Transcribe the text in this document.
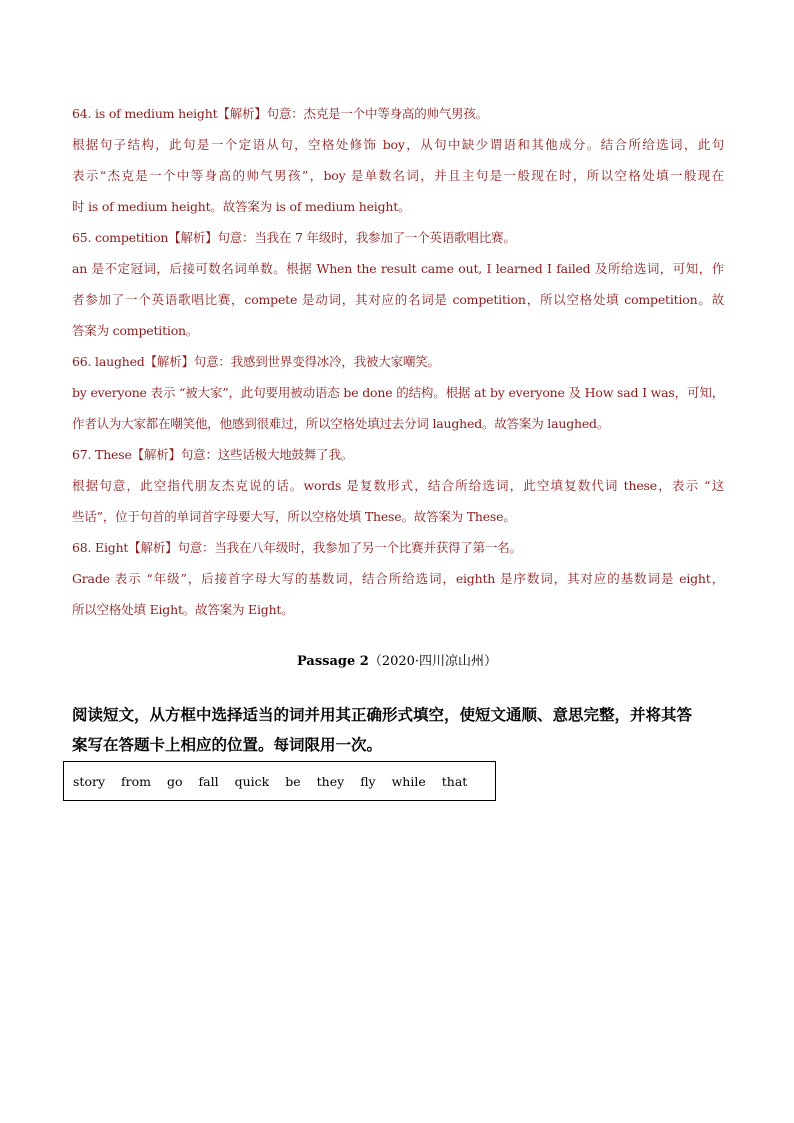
64. is of medium height【解析】句意：杰克是一个中等身高的帅气男孩。
根据句子结构，此句是一个定语从句，空格处修饰 boy，从句中缺少谓语和其他成分。结合所给选词，此句
表示“杰克是一个中等身高的帅气男孩”，boy 是单数名词，并且主句是一般现在时，所以空格处填一般现在
时 is of medium height。故答案为 is of medium height。
65. competition【解析】句意：当我在 7 年级时，我参加了一个英语歌唱比赛。
an 是不定冠词，后接可数名词单数。根据 When the result came out, I learned I failed 及所给选词，可知，作
者参加了一个英语歌唱比赛，compete 是动词，其对应的名词是 competition，所以空格处填 competition。故
答案为 competition。
66. laughed【解析】句意：我感到世界变得冰冷，我被大家嘲笑。
by everyone 表示 “被大家”，此句要用被动语态 be done 的结构。根据 at by everyone 及 How sad I was，可知，
作者认为大家都在嘲笑他，他感到很难过，所以空格处填过去分词 laughed。故答案为 laughed。
67. These【解析】句意：这些话极大地鼓舞了我。
根据句意，此空指代朋友杰克说的话。words 是复数形式，结合所给选词，此空填复数代词 these，表示 “这
些话”，位于句首的单词首字母要大写，所以空格处填 These。故答案为 These。
68. Eight【解析】句意：当我在八年级时，我参加了另一个比赛并获得了第一名。
Grade 表示 “年级”，后接首字母大写的基数词，结合所给选词，eighth 是序数词，其对应的基数词是 eight，
所以空格处填 Eight。故答案为 Eight。
Passage 2（2020·四川凉山州）
阅读短文，从方框中选择适当的词并用其正确形式填空，使短文通顺、意思完整，并将其答
案写在答题卡上相应的位置。每词限用一次。
story from go fall quick be they fly while that
